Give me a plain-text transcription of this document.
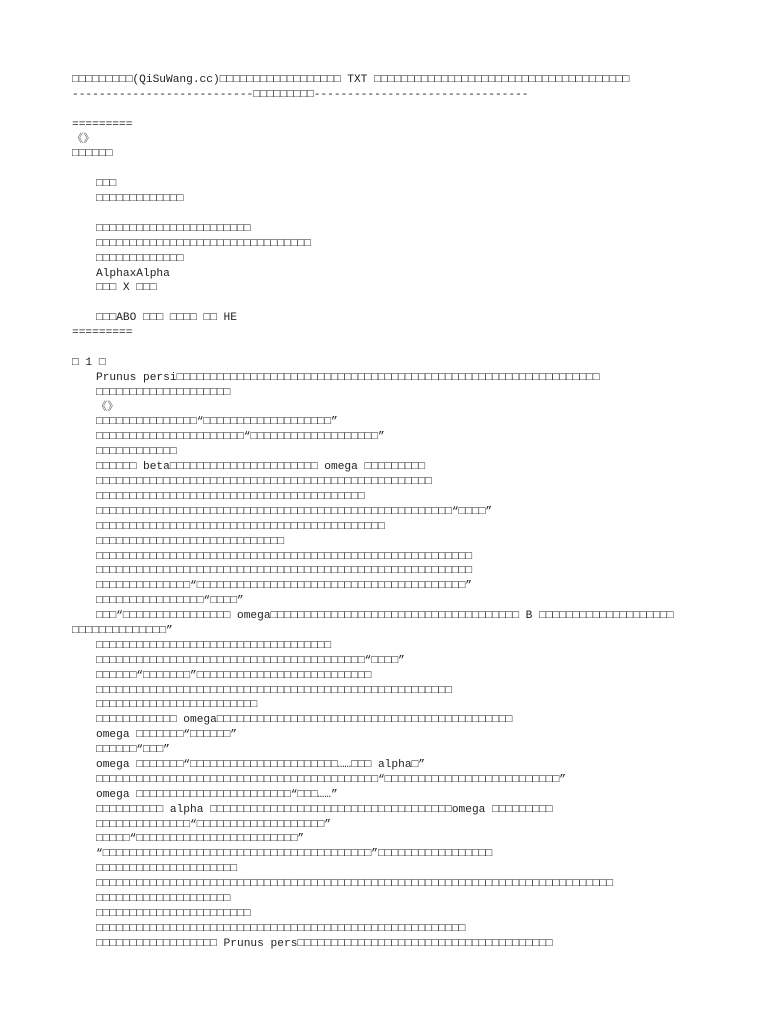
□□□□□□□□□(QiSuWang.cc)□□□□□□□□□□□□□□□□□□ TXT □□□□□□□□□□□□□□□□□□□□□□□□□□□□□□□□□□□□□□
---------------------------□□□□□□□□□--------------------------------
=========
《》
□□□□□□
□□□
□□□□□□□□□□□□□
□□□□□□□□□□□□□□□□□□□□□□□
□□□□□□□□□□□□□□□□□□□□□□□□□□□□□□□□
□□□□□□□□□□□□□
AlphaxAlpha
□□□ X □□□
□□□ABO □□□ □□□□ □□ HE
=========
□ 1 □
Prunus persi□□□□□□□□□□□□□□□□□□□□□□□□□□□□□□□□□□□□□□□□□□□□□□□□□□□□□□□□□□□□□□□
□□□□□□□□□□□□□□□□□□□□
《》
□□□□□□□□□□□□□□□“□□□□□□□□□□□□□□□□□□□”
□□□□□□□□□□□□□□□□□□□□□□“□□□□□□□□□□□□□□□□□□□”
□□□□□□□□□□□□
□□□□□□ beta□□□□□□□□□□□□□□□□□□□□□□ omega □□□□□□□□□
□□□□□□□□□□□□□□□□□□□□□□□□□□□□□□□□□□□□□□□□□□□□□□□□□□
□□□□□□□□□□□□□□□□□□□□□□□□□□□□□□□□□□□□□□□□
□□□□□□□□□□□□□□□□□□□□□□□□□□□□□□□□□□□□□□□□□□□□□□□□□□□□□“□□□□”
□□□□□□□□□□□□□□□□□□□□□□□□□□□□□□□□□□□□□□□□□□□
□□□□□□□□□□□□□□□□□□□□□□□□□□□□
□□□□□□□□□□□□□□□□□□□□□□□□□□□□□□□□□□□□□□□□□□□□□□□□□□□□□□□□
□□□□□□□□□□□□□□□□□□□□□□□□□□□□□□□□□□□□□□□□□□□□□□□□□□□□□□□□
□□□□□□□□□□□□□□“□□□□□□□□□□□□□□□□□□□□□□□□□□□□□□□□□□□□□□□□”
□□□□□□□□□□□□□□□□“□□□□”
□□□“□□□□□□□□□□□□□□□□ omega□□□□□□□□□□□□□□□□□□□□□□□□□□□□□□□□□□□□□ B □□□□□□□□□□□□□□□□□□□□
□□□□□□□□□□□□□□”
□□□□□□□□□□□□□□□□□□□□□□□□□□□□□□□□□□□
□□□□□□□□□□□□□□□□□□□□□□□□□□□□□□□□□□□□□□□□“□□□□”
□□□□□□“□□□□□□□”□□□□□□□□□□□□□□□□□□□□□□□□□□
□□□□□□□□□□□□□□□□□□□□□□□□□□□□□□□□□□□□□□□□□□□□□□□□□□□□□
□□□□□□□□□□□□□□□□□□□□□□□□
□□□□□□□□□□□□ omega□□□□□□□□□□□□□□□□□□□□□□□□□□□□□□□□□□□□□□□□□□□□
omega □□□□□□□“□□□□□□”
□□□□□□“□□□”
omega □□□□□□□“□□□□□□□□□□□□□□□□□□□□□□……□□□ alpha□”
□□□□□□□□□□□□□□□□□□□□□□□□□□□□□□□□□□□□□□□□□□“□□□□□□□□□□□□□□□□□□□□□□□□□□”
omega □□□□□□□□□□□□□□□□□□□□□□□“□□□……”
□□□□□□□□□□ alpha □□□□□□□□□□□□□□□□□□□□□□□□□□□□□□□□□□□□omega □□□□□□□□□
□□□□□□□□□□□□□□“□□□□□□□□□□□□□□□□□□□”
□□□□□“□□□□□□□□□□□□□□□□□□□□□□□□”
“□□□□□□□□□□□□□□□□□□□□□□□□□□□□□□□□□□□□□□□□”□□□□□□□□□□□□□□□□□
□□□□□□□□□□□□□□□□□□□□□
□□□□□□□□□□□□□□□□□□□□□□□□□□□□□□□□□□□□□□□□□□□□□□□□□□□□□□□□□□□□□□□□□□□□□□□□□□□□□
□□□□□□□□□□□□□□□□□□□□
□□□□□□□□□□□□□□□□□□□□□□□
□□□□□□□□□□□□□□□□□□□□□□□□□□□□□□□□□□□□□□□□□□□□□□□□□□□□□□□
□□□□□□□□□□□□□□□□□□ Prunus pers□□□□□□□□□□□□□□□□□□□□□□□□□□□□□□□□□□□□□□
